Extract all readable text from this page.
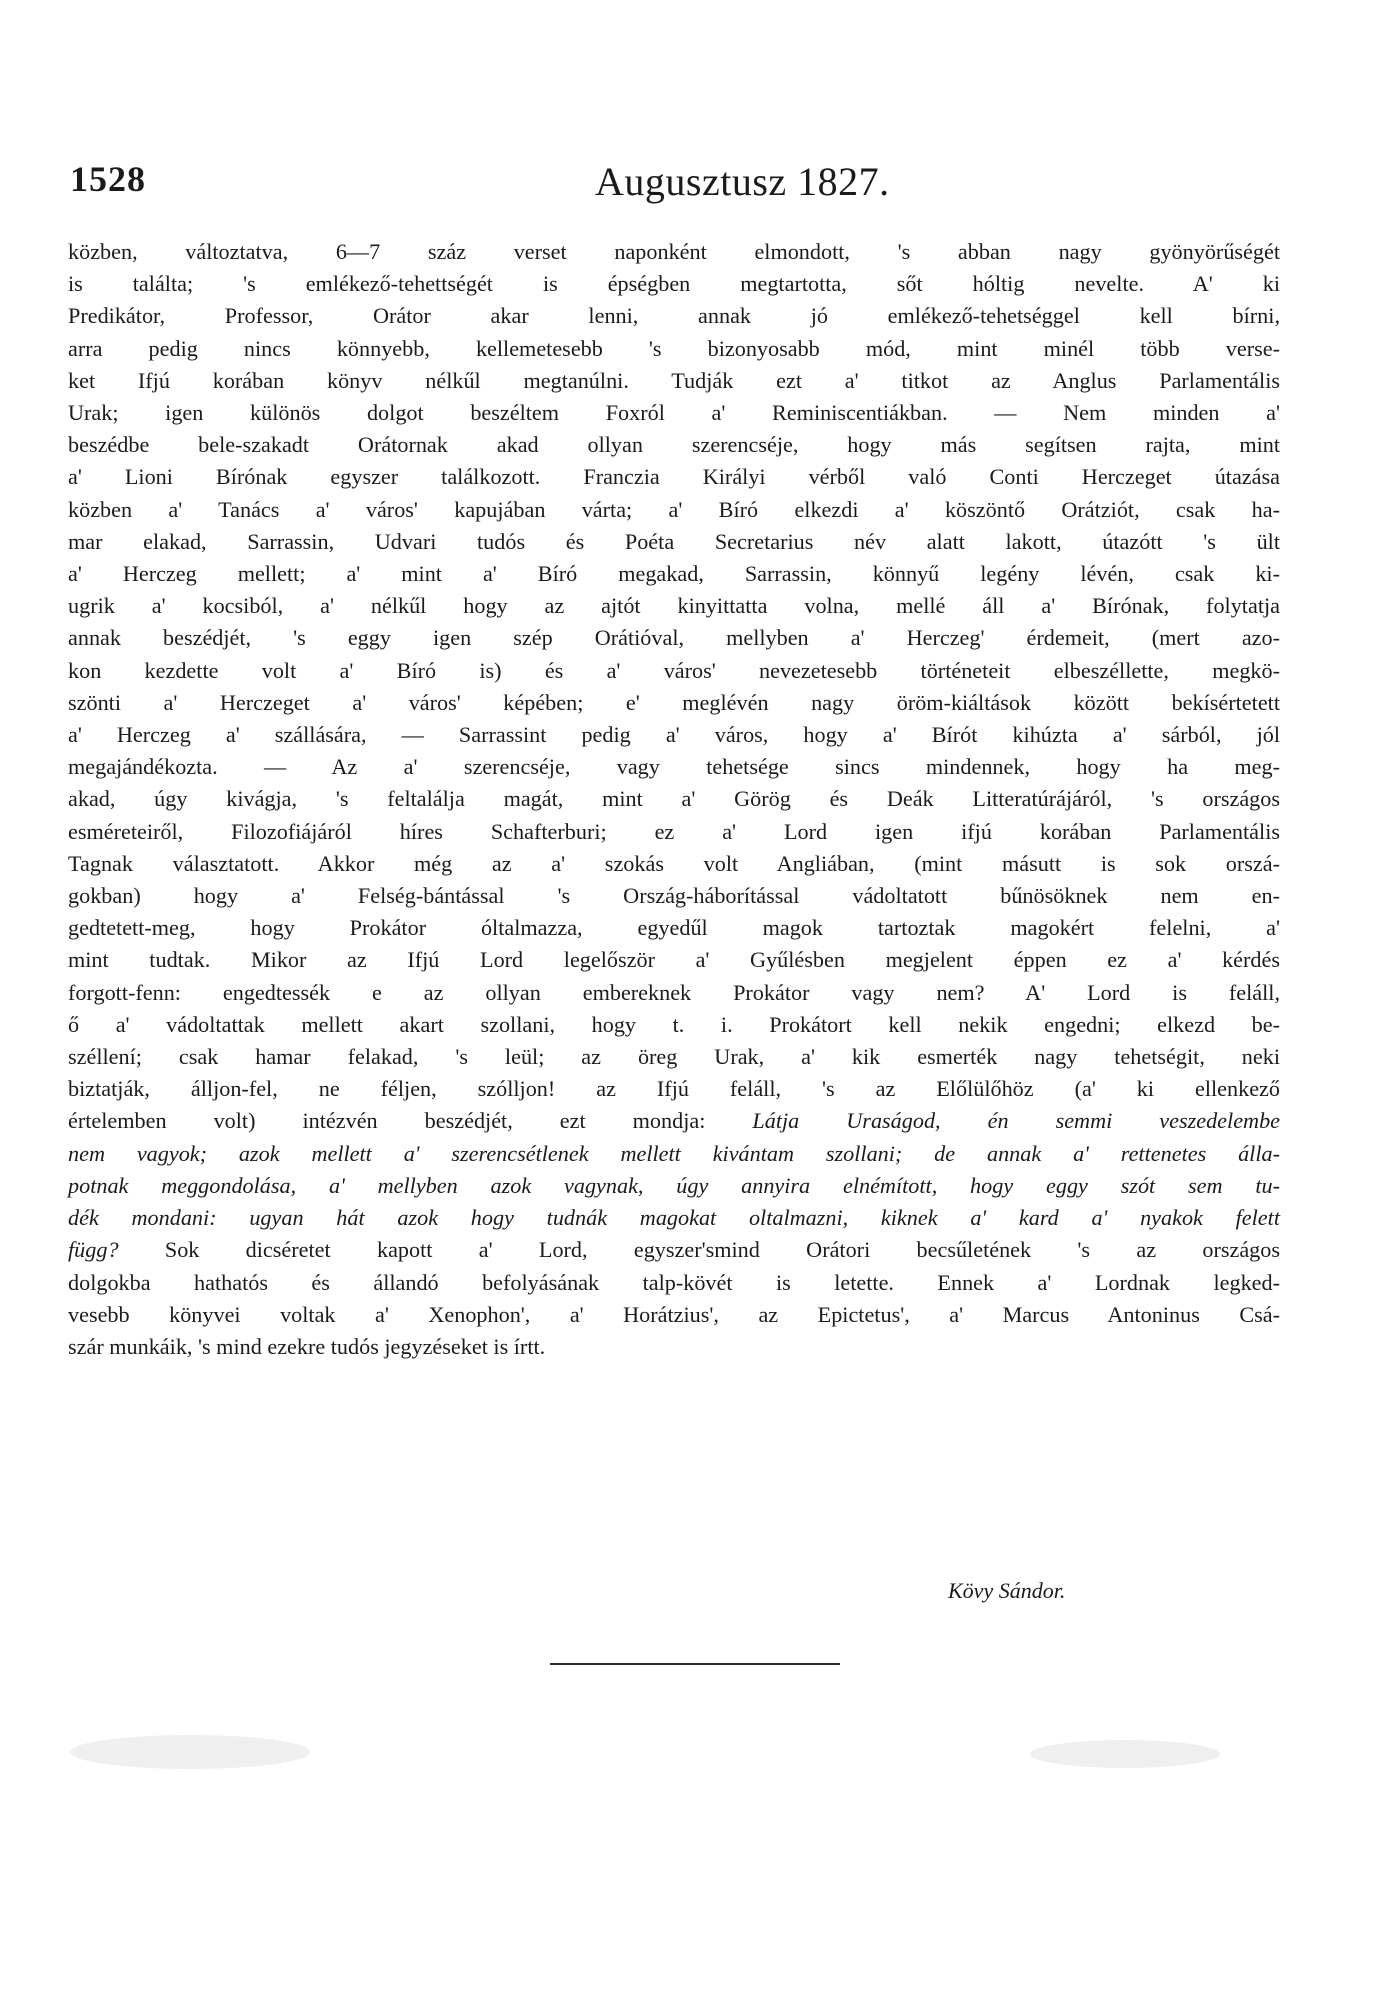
1528	Augusztusz 1827.
közben, változtatva, 6—7 száz verset naponként elmondott, 's abban nagy gyönyörűségét
is találta; 's emlékező-tehettségét is épségben megtartotta, sőt hóltig nevelte. A' ki
Predikátor, Professor, Orátor akar lenni, annak jó emlékező-tehetséggel kell bírni,
arra pedig nincs könnyebb, kellemetesebb 's bizonyosabb mód, mint minél több verse-
ket Ifjú korában könyv nélkűl megtanúlni. Tudják ezt a' titkot az Anglus Parlamentális
Urak; igen különös dolgot beszéltem Foxról a' Reminiscentiákban. — Nem minden a'
beszédbe bele-szakadt Orátornak akad ollyan szerencséje, hogy más segítsen rajta, mint
a' Lioni Bírónak egyszer találkozott. Franczia Királyi vérből való Conti Herczeget útazása
közben a' Tanács a' város' kapujában várta; a' Bíró elkezdi a' köszöntő Orátziót, csak ha-
mar elakad, Sarrassin, Udvari tudós és Poéta Secretarius név alatt lakott, útazótt 's ült
a' Herczeg mellett; a' mint a' Bíró megakad, Sarrassin, könnyű legény lévén, csak ki-
ugrik a' kocsiból, a' nélkűl hogy az ajtót kinyittatta volna, mellé áll a' Bírónak, folytatja
annak beszédjét, 's eggy igen szép Orátióval, mellyben a' Herczeg' érdemeit, (mert azo-
kon kezdette volt a' Bíró is) és a' város' nevezetesebb történeteit elbeszéllette, megkö-
szönti a' Herczeget a' város' képében; e' meglévén nagy öröm-kiáltások között bekísértetett
a' Herczeg a' szállására, — Sarrassint pedig a' város, hogy a' Bírót kihúzta a' sárból, jól
megajándékozta. — Az a' szerencséje, vagy tehetsége sincs mindennek, hogy ha meg-
akad, úgy kivágja, 's feltalálja magát, mint a' Görög és Deák Litteratúrájáról, 's országos
esméreteiről, Filozofiájáról híres Schafterburi; ez a' Lord igen ifjú korában Parlamentális
Tagnak választatott. Akkor még az a' szokás volt Angliában, (mint másutt is sok orszá-
gokban) hogy a' Felség-bántással 's Ország-háborítással vádoltatott bűnösöknek nem en-
gedtetett-meg, hogy Prokátor óltalmazza, egyedűl magok tartoztak magokért felelni, a'
mint tudtak. Mikor az Ifjú Lord legelőször a' Gyűlésben megjelent éppen ez a' kérdés
forgott-fenn: engedtessék e az ollyan embereknek Prokátor vagy nem? A' Lord is feláll,
ő a' vádoltattak mellett akart szollani, hogy t. i. Prokátort kell nekik engedni; elkezd be-
széllení; csak hamar felakad, 's leül; az öreg Urak, a' kik esmerték nagy tehetségit, neki
biztatják, álljon-fel, ne féljen, szólljon! az Ifjú feláll, 's az Előlülőhöz (a' ki ellenkező
értelemben volt) intézvén beszédjét, ezt mondja: Látja Uraságod, én semmi veszedelembe
nem vagyok; azok mellett a' szerencsétlenek mellett kivántam szollani; de annak a' rettenetes álla-
potnak meggondolása, a' mellyben azok vagynak, úgy annyira elnémított, hogy eggy szót sem tu-
dék mondani: ugyan hát azok hogy tudnák magokat oltalmazni, kiknek a' kard a' nyakok felett
függ? Sok dicséretet kapott a' Lord, egyszer'smind Orátori becsűletének 's az országos
dolgokba hathatós és állandó befolyásának talp-kövét is letette. Ennek a' Lordnak legked-
vesebb könyvei voltak a' Xenophon', a' Horátzius', az Epictetus', a' Marcus Antoninus Csá-
szár munkáik, 's mind ezekre tudós jegyzéseket is írtt.
Kövy Sándor.
